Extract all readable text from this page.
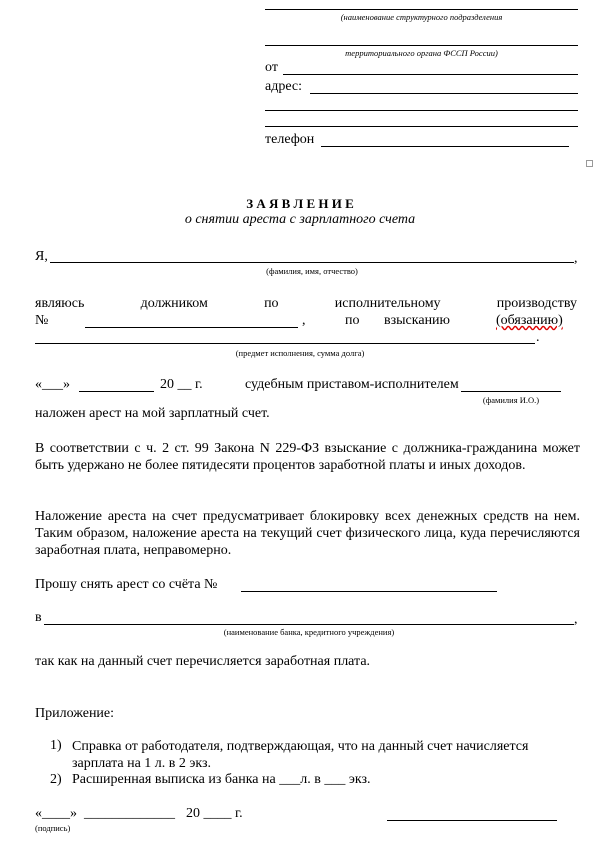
(наименование структурного подразделения
территориального органа ФССП России)
от
адрес:
телефон
З А Я В Л Е Н И Е
о снятии ареста с зарплатного счета
Я,	,
(фамилия, имя, отчество)
являюсь	должником	по	исполнительному	производству
№	,	по взысканию	(обязанию)
.
(предмет исполнения, сумма долга)
«___»	20 __ г.	судебным приставом-исполнителем
(фамилия И.О.)
наложен арест на мой зарплатный счет.
В соответствии с ч. 2 ст. 99 Закона N 229-ФЗ взыскание с должника-гражданина может быть удержано не более пятидесяти процентов заработной платы и иных доходов.
Наложение ареста на счет предусматривает блокировку всех денежных средств на нем. Таким образом, наложение ареста на текущий счет физического лица, куда перечисляются заработная плата, неправомерно.
Прошу снять арест со счёта №
в	,
(наименование банка, кредитного учреждения)
так как на данный счет перечисляется заработная плата.
Приложение:
1) Справка от работодателя, подтверждающая, что на данный счет начисляется зарплата на 1 л. в 2 экз.
2) Расширенная выписка из банка на ___л. в ___ экз.
«____» _____________ 20 ____ г.
(подпись)
